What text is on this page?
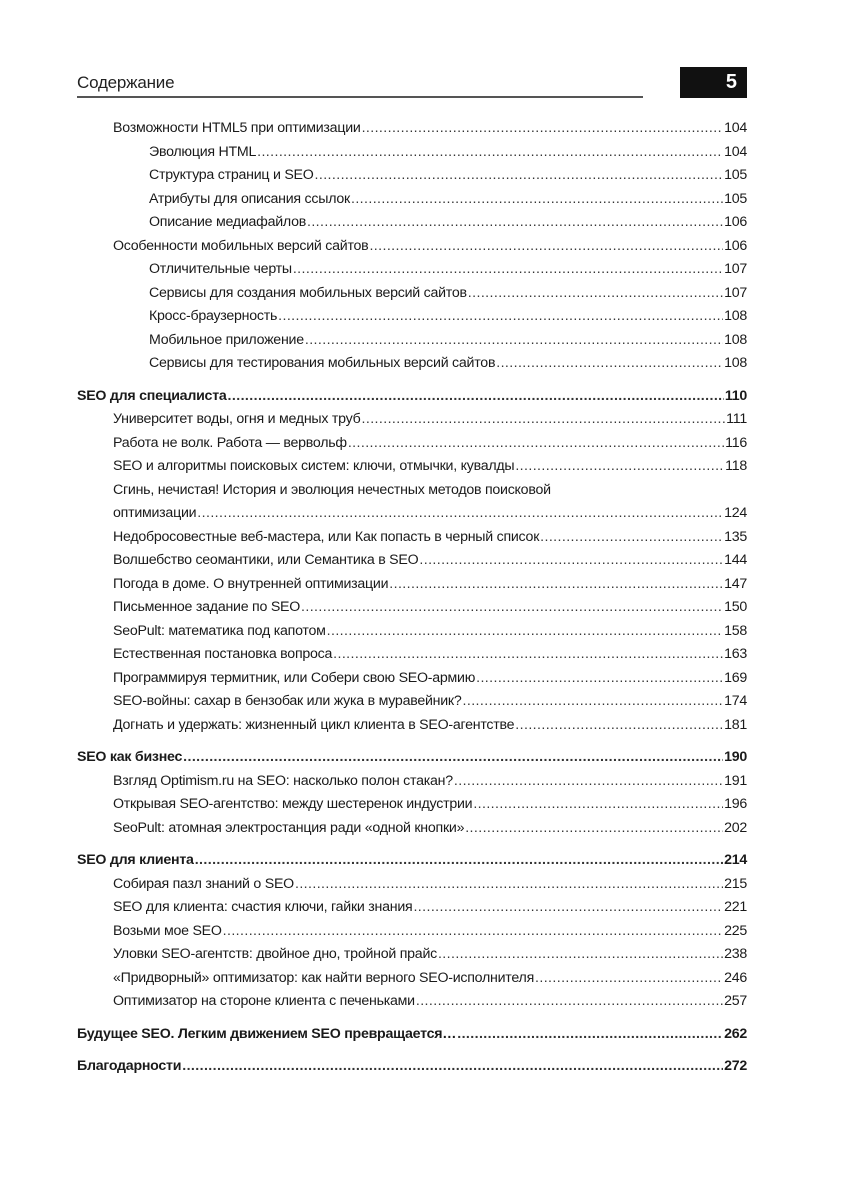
Содержание	5
Возможности HTML5 при оптимизации .....	104
Эволюция HTML .....	104
Структура страниц и SEO .....	105
Атрибуты для описания ссылок .....	105
Описание медиафайлов .....	106
Особенности мобильных версий сайтов .....	106
Отличительные черты .....	107
Сервисы для создания мобильных версий сайтов .....	107
Кросс-браузерность .....	108
Мобильное приложение .....	108
Сервисы для тестирования мобильных версий сайтов .....	108
SEO для специалиста .....	110
Университет воды, огня и медных труб .....	111
Работа не волк. Работа — вервольф .....	116
SEO и алгоритмы поисковых систем: ключи, отмычки, кувалды .....	118
Сгинь, нечистая! История и эволюция нечестных методов поисковой
оптимизации .....	124
Недобросовестные веб-мастера, или Как попасть в черный список .....	135
Волшебство сеомантики, или Семантика в SEO .....	144
Погода в доме. О внутренней оптимизации .....	147
Письменное задание по SEO .....	150
SeoPult: математика под капотом .....	158
Естественная постановка вопроса .....	163
Программируя термитник, или Собери свою SEO-армию .....	169
SEO-войны: сахар в бензобак или жука в муравейник? .....	174
Догнать и удержать: жизненный цикл клиента в SEO-агентстве .....	181
SEO как бизнес .....	190
Взгляд Optimism.ru на SEO: насколько полон стакан? .....	191
Открывая SEO-агентство: между шестеренок индустрии .....	196
SeoPult: атомная электростанция ради «одной кнопки» .....	202
SEO для клиента .....	214
Собирая пазл знаний о SEO .....	215
SEO для клиента: счастия ключи, гайки знания .....	221
Возьми мое SEO .....	225
Уловки SEO-агентств: двойное дно, тройной прайс .....	238
«Придворный» оптимизатор: как найти верного SEO-исполнителя .....	246
Оптимизатор на стороне клиента с печеньками .....	257
Будущее SEO. Легким движением SEO превращается… .....	262
Благодарности .....	272
